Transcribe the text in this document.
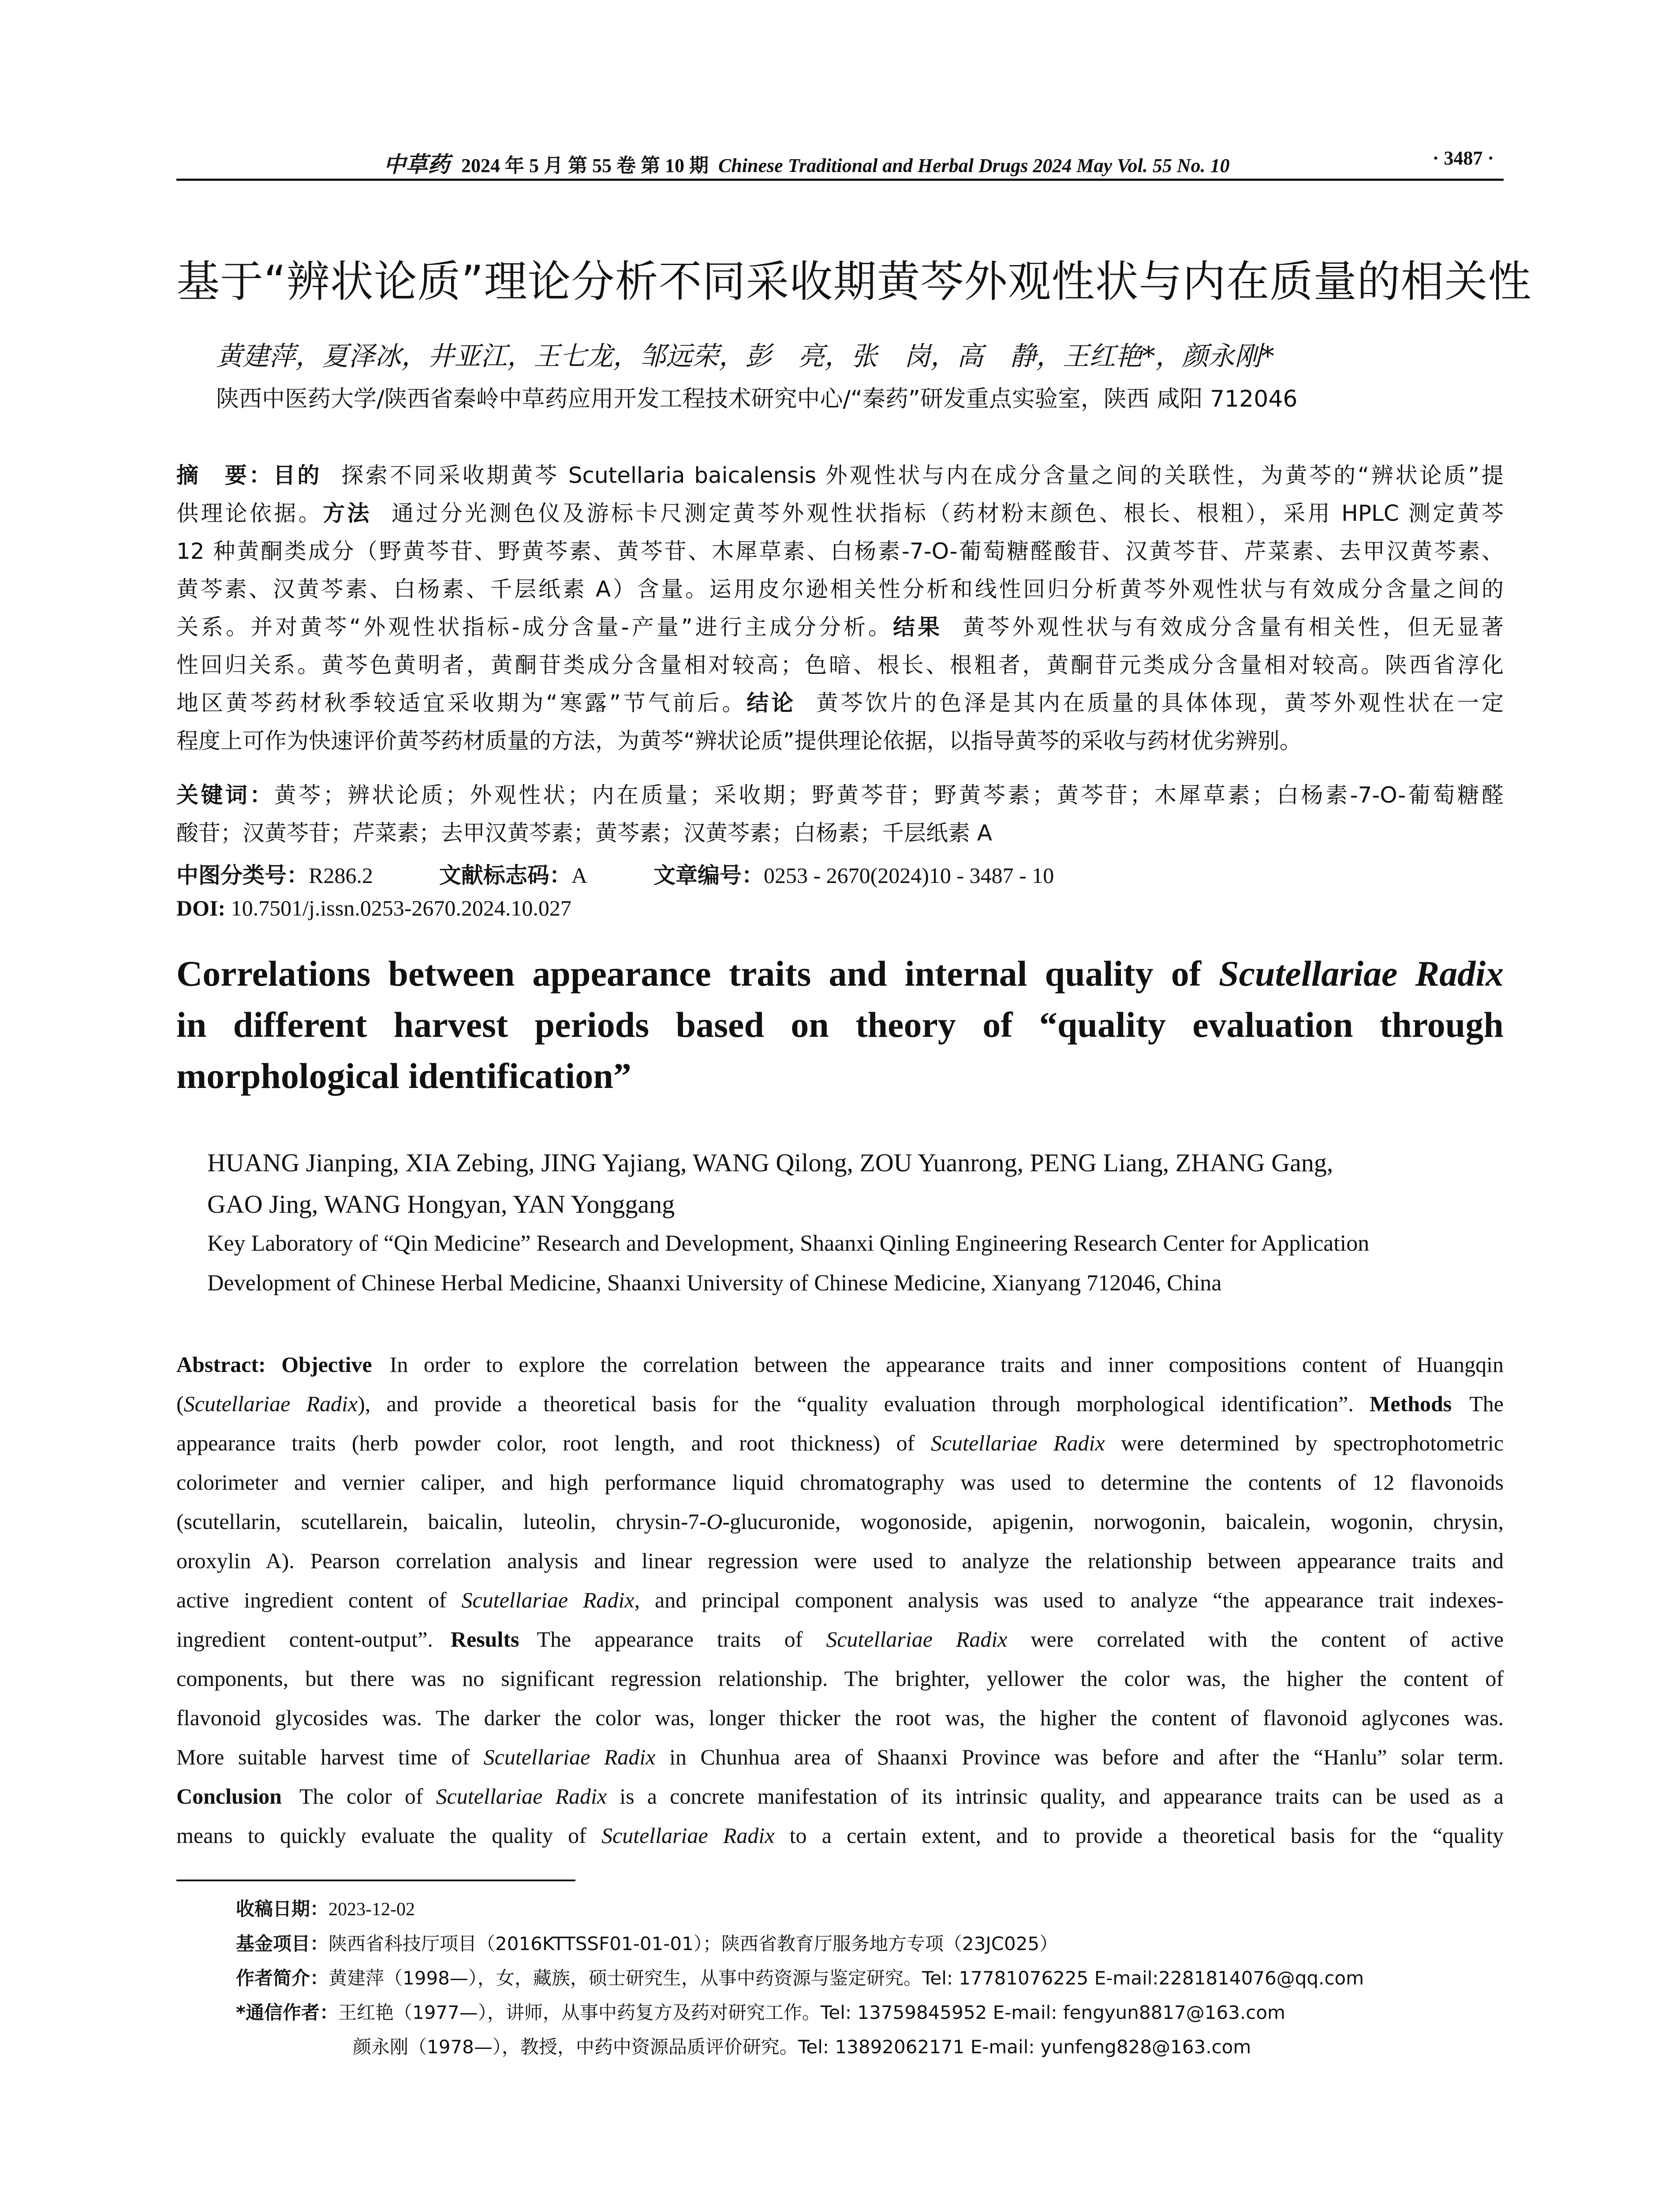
中草药 2024 年 5 月 第 55 卷 第 10 期 Chinese Traditional and Herbal Drugs 2024 May Vol. 55 No. 10	· 3487 ·
基于“辨状论质”理论分析不同采收期黄芩外观性状与内在质量的相关性
黄建萍，夏泽冰，井亚江，王七龙，邹远荣，彭　亮，张　岗，高　静，王红艳*，颜永刚*
陕西中医药大学/陕西省秦岭中草药应用开发工程技术研究中心/“秦药”研发重点实验室，陕西 咸阳 712046
摘　要：目的 探索不同采收期黄芩 Scutellaria baicalensis 外观性状与内在成分含量之间的关联性，为黄芩的“辨状论质”提
供理论依据。方法 通过分光测色仪及游标卡尺测定黄芩外观性状指标（药材粉末颜色、根长、根粗），采用 HPLC 测定黄芩
12 种黄酮类成分（野黄芩苷、野黄芩素、黄芩苷、木犀草素、白杨素-7-O-葡萄糖醛酸苷、汉黄芩苷、芹菜素、去甲汉黄芩素、
黄芩素、汉黄芩素、白杨素、千层纸素 A）含量。运用皮尔逊相关性分析和线性回归分析黄芩外观性状与有效成分含量之间的
关系。并对黄芩“外观性状指标-成分含量-产量”进行主成分分析。结果 黄芩外观性状与有效成分含量有相关性，但无显著
性回归关系。黄芩色黄明者，黄酮苷类成分含量相对较高；色暗、根长、根粗者，黄酮苷元类成分含量相对较高。陕西省淳化
地区黄芩药材秋季较适宜采收期为“寒露”节气前后。结论 黄芩饮片的色泽是其内在质量的具体体现，黄芩外观性状在一定
程度上可作为快速评价黄芩药材质量的方法，为黄芩“辨状论质”提供理论依据，以指导黄芩的采收与药材优劣辨别。
关键词：黄芩；辨状论质；外观性状；内在质量；采收期；野黄芩苷；野黄芩素；黄芩苷；木犀草素；白杨素-7-O-葡萄糖醛
酸苷；汉黄芩苷；芹菜素；去甲汉黄芩素；黄芩素；汉黄芩素；白杨素；千层纸素 A
中图分类号：R286.2	文献标志码：A	文章编号：0253 - 2670(2024)10 - 3487 - 10
DOI: 10.7501/j.issn.0253-2670.2024.10.027
Correlations between appearance traits and internal quality of Scutellariae Radix
in different harvest periods based on theory of “quality evaluation through
morphological identification”
HUANG Jianping, XIA Zebing, JING Yajiang, WANG Qilong, ZOU Yuanrong, PENG Liang, ZHANG Gang,
GAO Jing, WANG Hongyan, YAN Yonggang
Key Laboratory of “Qin Medicine” Research and Development, Shaanxi Qinling Engineering Research Center for Application
Development of Chinese Herbal Medicine, Shaanxi University of Chinese Medicine, Xianyang 712046, China
Abstract: Objective In order to explore the correlation between the appearance traits and inner compositions content of Huangqin
(Scutellariae Radix), and provide a theoretical basis for the “quality evaluation through morphological identification”. Methods The
appearance traits (herb powder color, root length, and root thickness) of Scutellariae Radix were determined by spectrophotometric
colorimeter and vernier caliper, and high performance liquid chromatography was used to determine the contents of 12 flavonoids
(scutellarin, scutellarein, baicalin, luteolin, chrysin-7-O-glucuronide, wogonoside, apigenin, norwogonin, baicalein, wogonin, chrysin,
oroxylin A). Pearson correlation analysis and linear regression were used to analyze the relationship between appearance traits and
active ingredient content of Scutellariae Radix, and principal component analysis was used to analyze “the appearance trait indexes-
ingredient content-output”. Results The appearance traits of Scutellariae Radix were correlated with the content of active
components, but there was no significant regression relationship. The brighter, yellower the color was, the higher the content of
flavonoid glycosides was. The darker the color was, longer thicker the root was, the higher the content of flavonoid aglycones was.
More suitable harvest time of Scutellariae Radix in Chunhua area of Shaanxi Province was before and after the “Hanlu” solar term.
Conclusion The color of Scutellariae Radix is a concrete manifestation of its intrinsic quality, and appearance traits can be used as a
means to quickly evaluate the quality of Scutellariae Radix to a certain extent, and to provide a theoretical basis for the “quality
收稿日期：2023-12-02
基金项目：陕西省科技厅项目（2016KTTSSF01-01-01）；陕西省教育厅服务地方专项（23JC025）
作者简介：黄建萍（1998—），女，藏族，硕士研究生，从事中药资源与鉴定研究。Tel: 17781076225 E-mail:2281814076@qq.com
*通信作者：王红艳（1977—），讲师，从事中药复方及药对研究工作。Tel: 13759845952 E-mail: fengyun8817@163.com
颜永刚（1978—），教授，中药中资源品质评价研究。Tel: 13892062171 E-mail: yunfeng828@163.com
